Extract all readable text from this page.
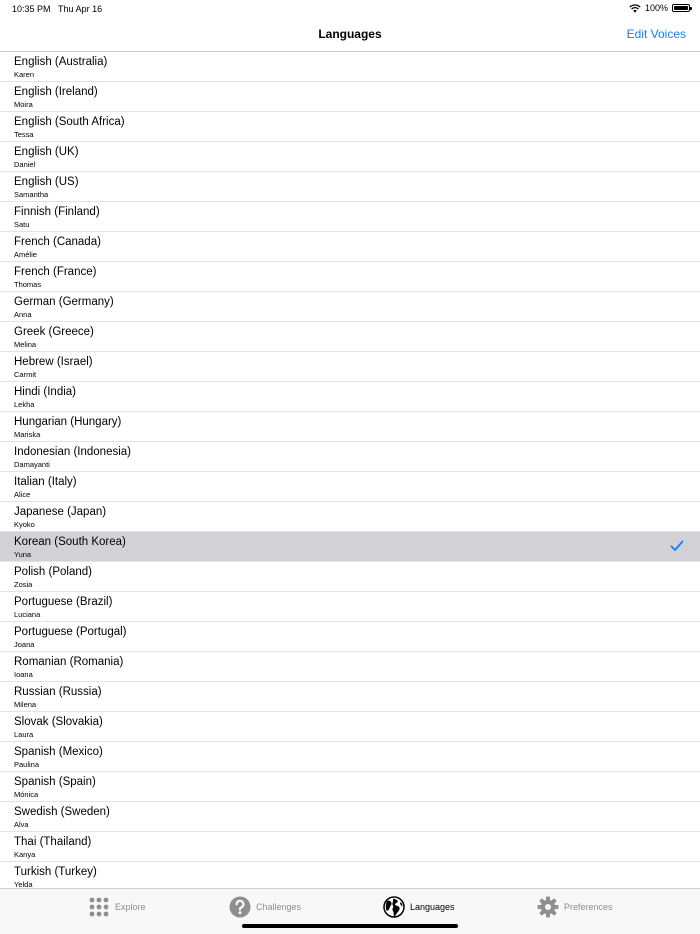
10:35 PM Thu Apr 16	100%
Languages	Edit Voices
English (Australia)
Karen
English (Ireland)
Moira
English (South Africa)
Tessa
English (UK)
Daniel
English (US)
Samantha
Finnish (Finland)
Satu
French (Canada)
Amélie
French (France)
Thomas
German (Germany)
Anna
Greek (Greece)
Melina
Hebrew (Israel)
Carmit
Hindi (India)
Lekha
Hungarian (Hungary)
Mariska
Indonesian (Indonesia)
Damayanti
Italian (Italy)
Alice
Japanese (Japan)
Kyoko
Korean (South Korea)
Yuna
Polish (Poland)
Zosia
Portuguese (Brazil)
Luciana
Portuguese (Portugal)
Joana
Romanian (Romania)
Ioana
Russian (Russia)
Milena
Slovak (Slovakia)
Laura
Spanish (Mexico)
Paulina
Spanish (Spain)
Mónica
Swedish (Sweden)
Alva
Thai (Thailand)
Kanya
Turkish (Turkey)
Yelda
Explore	Challenges	Languages	Preferences
